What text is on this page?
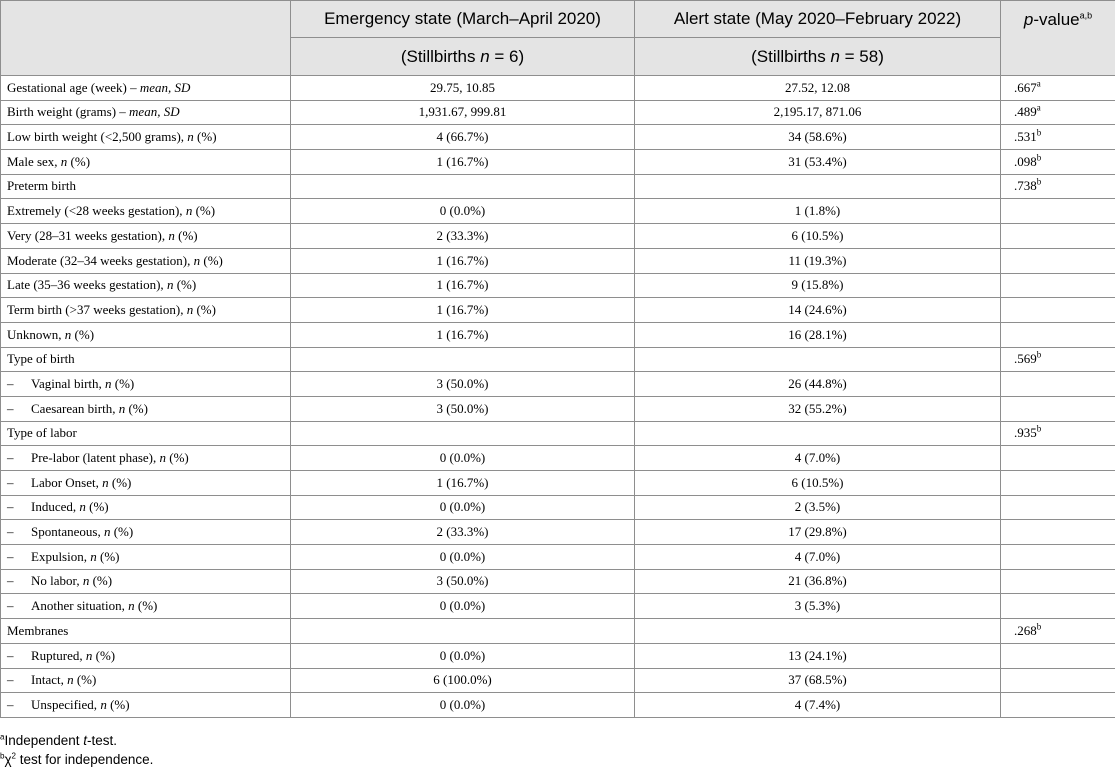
	Emergency state (March–April 2020)	Alert state (May 2020–February 2022)	p-value$^{a,b}$
	(Stillbirths n = 6)	(Stillbirths n = 58)	
Gestational age (week) – mean, SD	29.75, 10.85	27.52, 12.08	.667$^a$
Birth weight (grams) – mean, SD	1,931.67, 999.81	2,195.17, 871.06	.489$^a$
Low birth weight (<2,500 grams), n (%)	4 (66.7%)	34 (58.6%)	.531$^b$
Male sex, n (%)	1 (16.7%)	31 (53.4%)	.098$^b$
Preterm birth			.738$^b$
Extremely (<28 weeks gestation), n (%)	0 (0.0%)	1 (1.8%)	
Very (28–31 weeks gestation), n (%)	2 (33.3%)	6 (10.5%)	
Moderate (32–34 weeks gestation), n (%)	1 (16.7%)	11 (19.3%)	
Late (35–36 weeks gestation), n (%)	1 (16.7%)	9 (15.8%)	
Term birth (>37 weeks gestation), n (%)	1 (16.7%)	14 (24.6%)	
Unknown, n (%)	1 (16.7%)	16 (28.1%)	
Type of birth			.569$^b$
– Vaginal birth, n (%)	3 (50.0%)	26 (44.8%)	
– Caesarean birth, n (%)	3 (50.0%)	32 (55.2%)	
Type of labor			.935$^b$
– Pre-labor (latent phase), n (%)	0 (0.0%)	4 (7.0%)	
– Labor Onset, n (%)	1 (16.7%)	6 (10.5%)	
– Induced, n (%)	0 (0.0%)	2 (3.5%)	
– Spontaneous, n (%)	2 (33.3%)	17 (29.8%)	
– Expulsion, n (%)	0 (0.0%)	4 (7.0%)	
– No labor, n (%)	3 (50.0%)	21 (36.8%)	
– Another situation, n (%)	0 (0.0%)	3 (5.3%)	
Membranes			.268$^b$
– Ruptured, n (%)	0 (0.0%)	13 (24.1%)	
– Intact, n (%)	6 (100.0%)	37 (68.5%)	
– Unspecified, n (%)	0 (0.0%)	4 (7.4%)	
$^a$Independent t-test.
$^b\chi^2$ test for independence.
